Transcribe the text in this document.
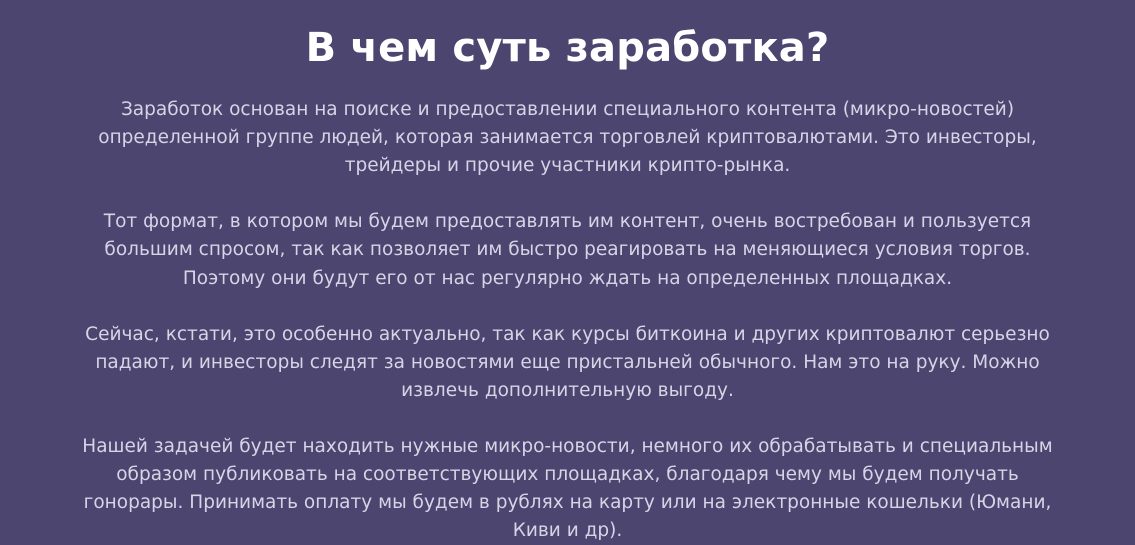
В чем суть заработка?

Заработок основан на поиске и предоставлении специального контента (микро-новостей) определенной группе людей, которая занимается торговлей криптовалютами. Это инвесторы, трейдеры и прочие участники крипто-рынка.

Тот формат, в котором мы будем предоставлять им контент, очень востребован и пользуется большим спросом, так как позволяет им быстро реагировать на меняющиеся условия торгов. Поэтому они будут его от нас регулярно ждать на определенных площадках.

Сейчас, кстати, это особенно актуально, так как курсы биткоина и других криптовалют серьезно падают, и инвесторы следят за новостями еще пристальней обычного. Нам это на руку. Можно извлечь дополнительную выгоду.

Нашей задачей будет находить нужные микро-новости, немного их обрабатывать и специальным образом публиковать на соответствующих площадках, благодаря чему мы будем получать гонорары. Принимать оплату мы будем в рублях на карту или на электронные кошельки (Юмани, Киви и др).
